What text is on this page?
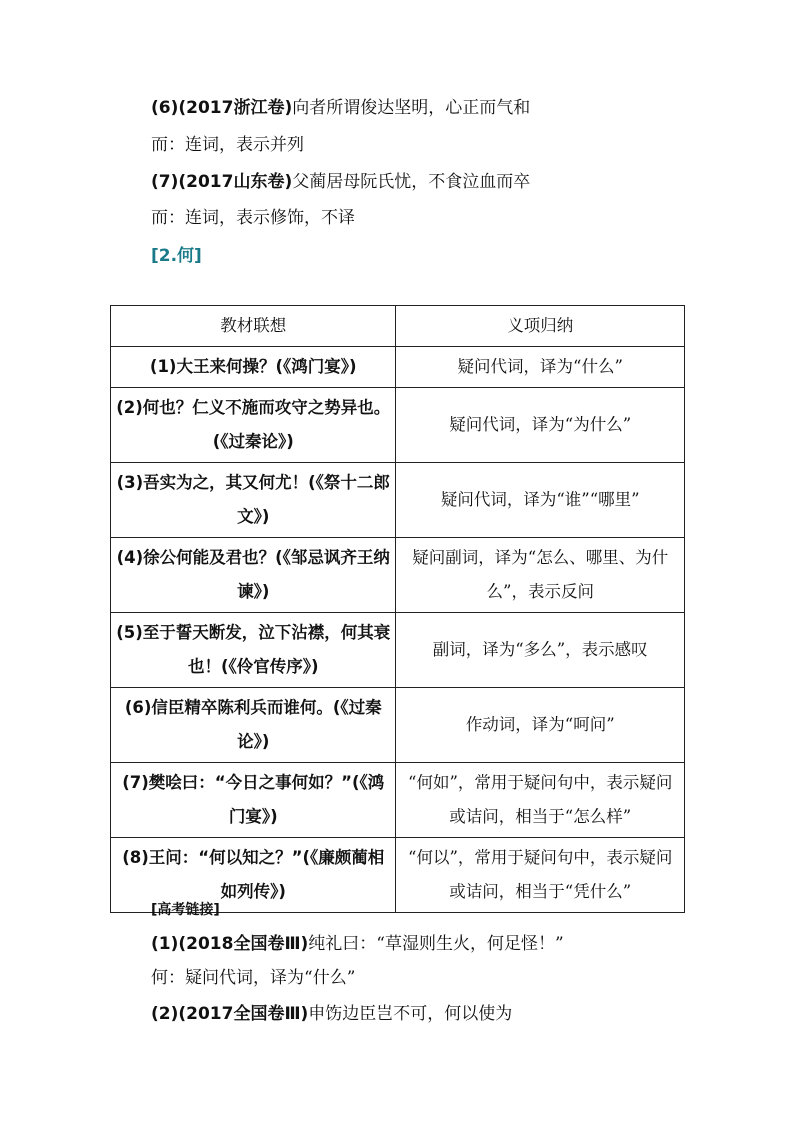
(6)(2017浙江卷)向者所谓俊达坚明，心正而气和
而：连词，表示并列
(7)(2017山东卷)父蔺居母阮氏忧，不食泣血而卒
而：连词，表示修饰，不译
[2.何]
教材联想	义项归纳
(1)大王来何操？(《鸿门宴》)	疑问代词，译为“什么”
(2)何也？仁义不施而攻守之势异也。(《过秦论》)	疑问代词，译为“为什么”
(3)吾实为之，其又何尤！(《祭十二郎文》)	疑问代词，译为“谁”“哪里”
(4)徐公何能及君也？(《邹忌讽齐王纳谏》)	疑问副词，译为“怎么、哪里、为什么”，表示反问
(5)至于誓天断发，泣下沾襟，何其衰也！(《伶官传序》)	副词，译为“多么”，表示感叹
(6)信臣精卒陈利兵而谁何。(《过秦论》)	作动词，译为“呵问”
(7)樊哙曰：“今日之事何如？”(《鸿门宴》)	“何如”，常用于疑问句中，表示疑问或诘问，相当于“怎么样”
(8)王问：“何以知之？”(《廉颇蔺相如列传》)	“何以”，常用于疑问句中，表示疑问或诘问，相当于“凭什么”
[高考链接]
(1)(2018全国卷Ⅲ)纯礼曰：“草湿则生火，何足怪！”
何：疑问代词，译为“什么”
(2)(2017全国卷Ⅲ)申饬边臣岂不可，何以使为
